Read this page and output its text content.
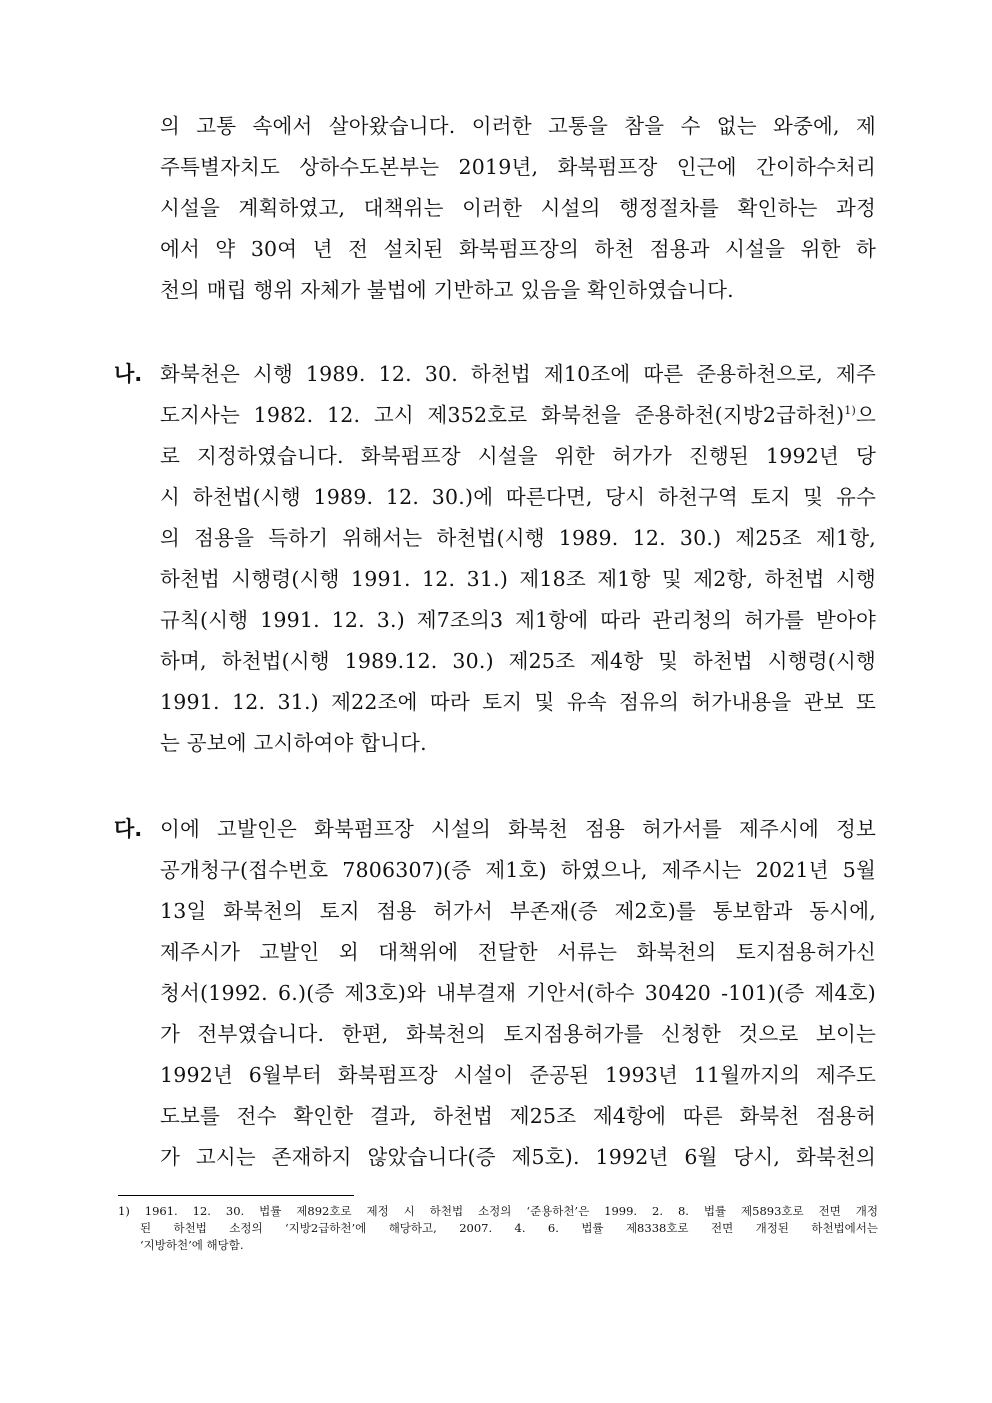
의 고통 속에서 살아왔습니다. 이러한 고통을 참을 수 없는 와중에, 제
주특별자치도 상하수도본부는 2019년, 화북펌프장 인근에 간이하수처리
시설을 계획하였고, 대책위는 이러한 시설의 행정절차를 확인하는 과정
에서 약 30여 년 전 설치된 화북펌프장의 하천 점용과 시설을 위한 하
천의 매립 행위 자체가 불법에 기반하고 있음을 확인하였습니다.
나. 화북천은 시행 1989. 12. 30. 하천법 제10조에 따른 준용하천으로, 제주
도지사는 1982. 12. 고시 제352호로 화북천을 준용하천(지방2급하천)$^{1)}$으
로 지정하였습니다. 화북펌프장 시설을 위한 허가가 진행된 1992년 당
시 하천법(시행 1989. 12. 30.)에 따른다면, 당시 하천구역 토지 및 유수
의 점용을 득하기 위해서는 하천법(시행 1989. 12. 30.) 제25조 제1항,
하천법 시행령(시행 1991. 12. 31.) 제18조 제1항 및 제2항, 하천법 시행
규칙(시행 1991. 12. 3.) 제7조의3 제1항에 따라 관리청의 허가를 받아야
하며, 하천법(시행 1989.12. 30.) 제25조 제4항 및 하천법 시행령(시행
1991. 12. 31.) 제22조에 따라 토지 및 유속 점유의 허가내용을 관보 또
는 공보에 고시하여야 합니다.
다. 이에 고발인은 화북펌프장 시설의 화북천 점용 허가서를 제주시에 정보
공개청구(접수번호 7806307)(증 제1호) 하였으나, 제주시는 2021년 5월
13일 화북천의 토지 점용 허가서 부존재(증 제2호)를 통보함과 동시에,
제주시가 고발인 외 대책위에 전달한 서류는 화북천의 토지점용허가신
청서(1992. 6.)(증 제3호)와 내부결재 기안서(하수 30420 -101)(증 제4호)
가 전부였습니다. 한편, 화북천의 토지점용허가를 신청한 것으로 보이는
1992년 6월부터 화북펌프장 시설이 준공된 1993년 11월까지의 제주도
도보를 전수 확인한 결과, 하천법 제25조 제4항에 따른 화북천 점용허
가 고시는 존재하지 않았습니다(증 제5호). 1992년 6월 당시, 화북천의
1) 1961. 12. 30. 법률 제892호로 제정 시 하천법 소정의 ‘준용하천’은 1999. 2. 8. 법률 제5893호로 전면 개정
된 하천법 소정의 ‘지방2급하천’에 해당하고, 2007. 4. 6. 법률 제8338호로 전면 개정된 하천법에서는
‘지방하천’에 해당함.
